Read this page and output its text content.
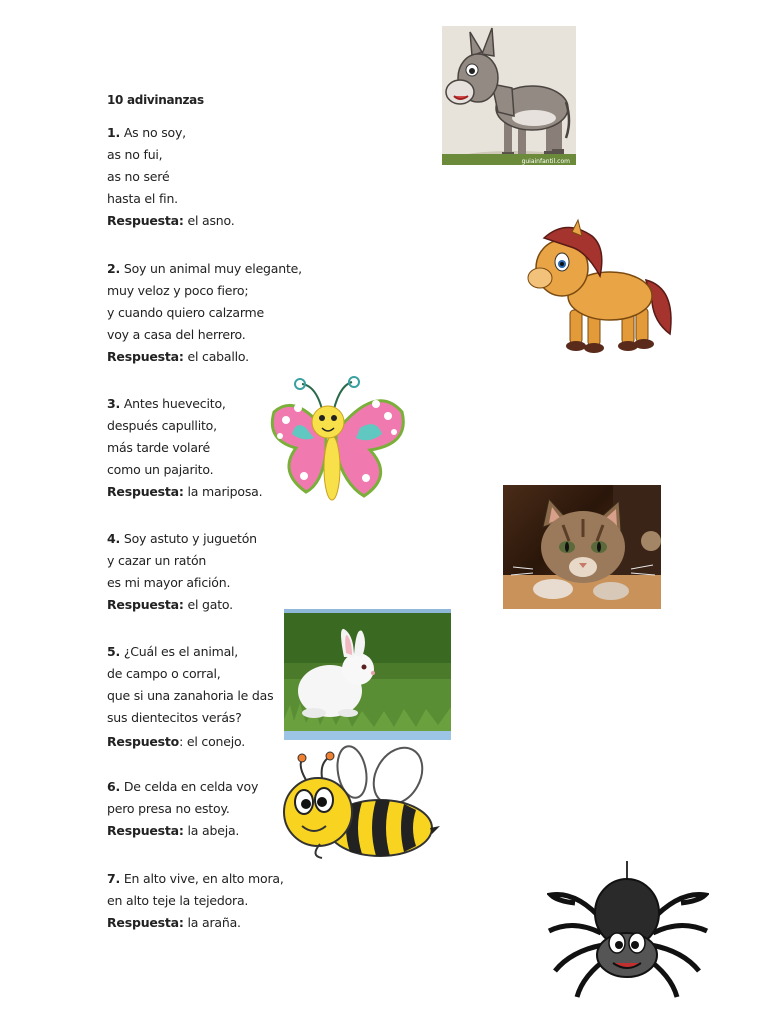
10 adivinanzas
1. As no soy,
as no fui,
as no seré
hasta el fin.
Respuesta: el asno.
2. Soy un animal muy elegante,
muy veloz y poco fiero;
y cuando quiero calzarme
voy a casa del herrero.
Respuesta: el caballo.
3. Antes huevecito,
después capullito,
más tarde volaré
como un pajarito.
Respuesta: la mariposa.
4. Soy astuto y juguetón
y cazar un ratón
es mi mayor afición.
Respuesta: el gato.
5. ¿Cuál es el animal,
de campo o corral,
que si una zanahoria le das
sus dientecitos verás?
Respuesto: el conejo.
6. De celda en celda voy
pero presa no estoy.
Respuesta: la abeja.
7. En alto vive, en alto mora,
en alto teje la tejedora.
Respuesta: la araña.
guiainfantil.com
